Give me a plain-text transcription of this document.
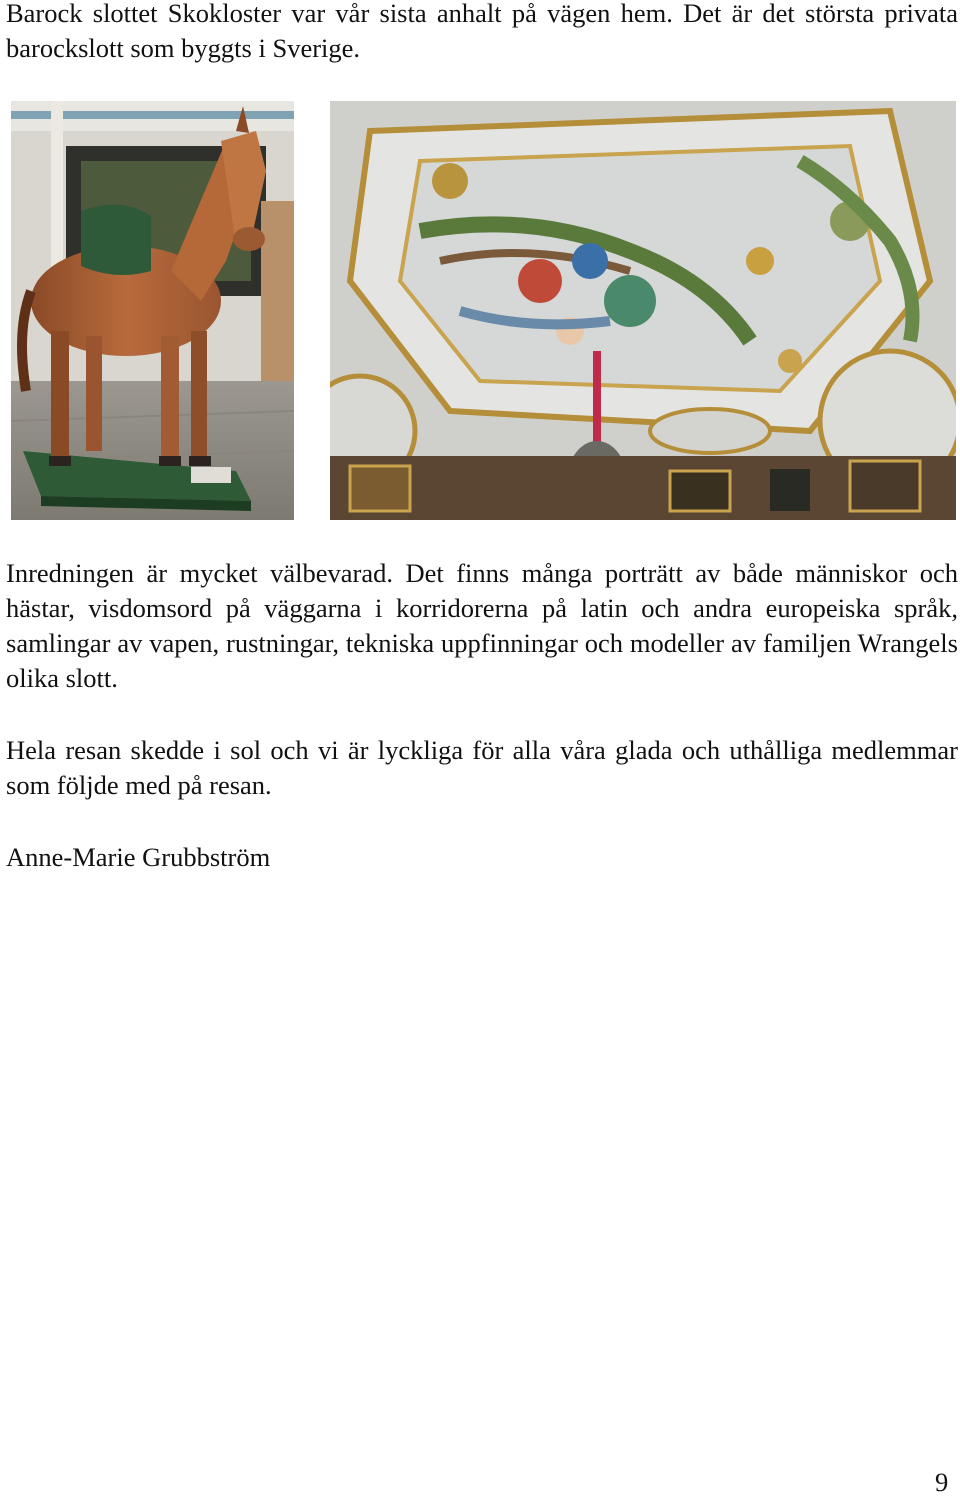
Barock slottet Skokloster var vår sista anhalt på vägen hem. Det är det största privata barockslott som byggts i Sverige.

Inredningen är mycket välbevarad. Det finns många porträtt av både människor och hästar, visdomsord på väggarna i korridorerna på latin och andra europeiska språk, samlingar av vapen, rustningar, tekniska uppfinningar och modeller av familjen Wrangels olika slott.

Hela resan skedde i sol och vi är lyckliga för alla våra glada och uthålliga medlemmar som följde med på resan.

Anne-Marie Grubbström

9
